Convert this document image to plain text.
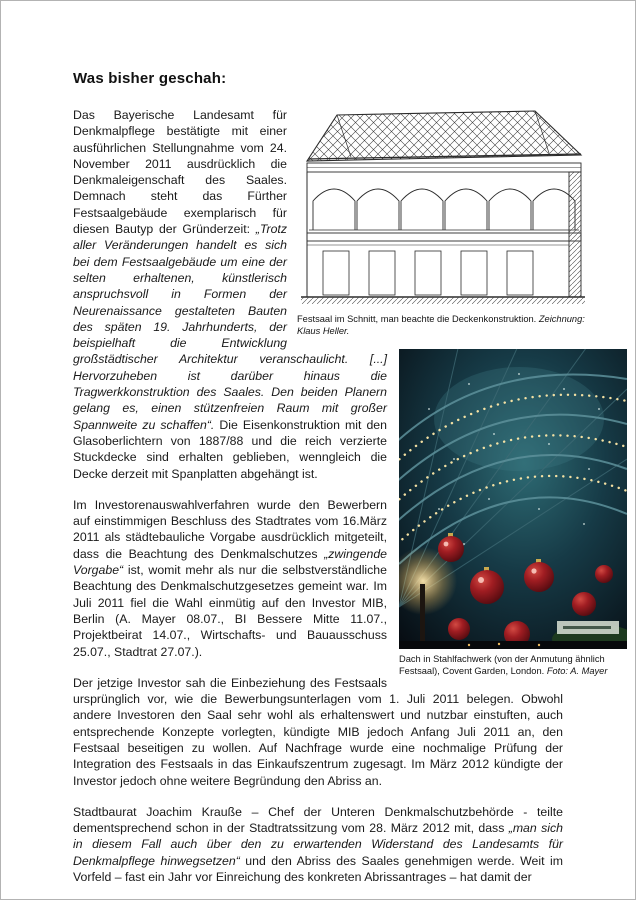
Was bisher geschah:
Festsaal im Schnitt, man beachte die Deckenkonstruktion. Zeichnung: Klaus Heller.
Dach in Stahlfachwerk (von der Anmutung ähnlich Festsaal), Covent Garden, London. Foto: A. Mayer

Das Bayerische Landesamt für Denkmalpflege bestätigte mit einer ausführlichen Stellungnahme vom 24. November 2011 ausdrücklich die Denkmaleigenschaft des Saales. Demnach steht das Fürther Festsaalgebäude exemplarisch für diesen Bautyp der Gründerzeit: „Trotz aller Veränderungen handelt es sich bei dem Festsaalgebäude um eine der selten erhaltenen, künstlerisch anspruchsvoll in Formen der Neurenaissance gestalteten Bauten des späten 19. Jahrhunderts, der beispielhaft die Entwicklung großstädtischer Architektur veranschaulicht. [...] Hervorzuheben ist darüber hinaus die Tragwerkkonstruktion des Saales. Den beiden Planern gelang es, einen stützenfreien Raum mit großer Spannweite zu schaffen“. Die Eisenkonstruktion mit den Glasoberlichtern von 1887/88 und die reich verzierte Stuckdecke sind erhalten geblieben, wenngleich die Decke derzeit mit Spanplatten abgehängt ist.

Im Investorenauswahlverfahren wurde den Bewerbern auf einstimmigen Beschluss des Stadtrates vom 16.März 2011 als städtebauliche Vorgabe ausdrücklich mitgeteilt, dass die Beachtung des Denkmalschutzes „zwingende Vorgabe“ ist, womit mehr als nur die selbstverständliche Beachtung des Denkmalschutzgesetzes gemeint war. Im Juli 2011 fiel die Wahl einmütig auf den Investor MIB, Berlin (A. Mayer 08.07., BI Bessere Mitte 11.07., Projektbeirat 14.07., Wirtschafts- und Bauausschuss 25.07., Stadtrat 27.07.).

Der jetzige Investor sah die Einbeziehung des Festsaals ursprünglich vor, wie die Bewerbungsunterlagen vom 1. Juli 2011 belegen. Obwohl andere Investoren den Saal sehr wohl als erhaltenswert und nutzbar einstuften, auch entsprechende Konzepte vorlegten, kündigte MIB jedoch Anfang Juli 2011 an, den Festsaal beseitigen zu wollen. Auf Nachfrage wurde eine nochmalige Prüfung der Integration des Festsaals in das Einkaufszentrum zugesagt. Im März 2012 kündigte der Investor jedoch ohne weitere Begründung den Abriss an.

Stadtbaurat Joachim Krauße – Chef der Unteren Denkmalschutzbehörde - teilte dementsprechend schon in der Stadtratssitzung vom 28. März 2012 mit, dass „man sich in diesem Fall auch über den zu erwartenden Widerstand des Landesamts für Denkmalpflege hinwegsetzen“ und den Abriss des Saales genehmigen werde. Weit im Vorfeld – fast ein Jahr vor Einreichung des konkreten Abrissantrages – hat damit der
